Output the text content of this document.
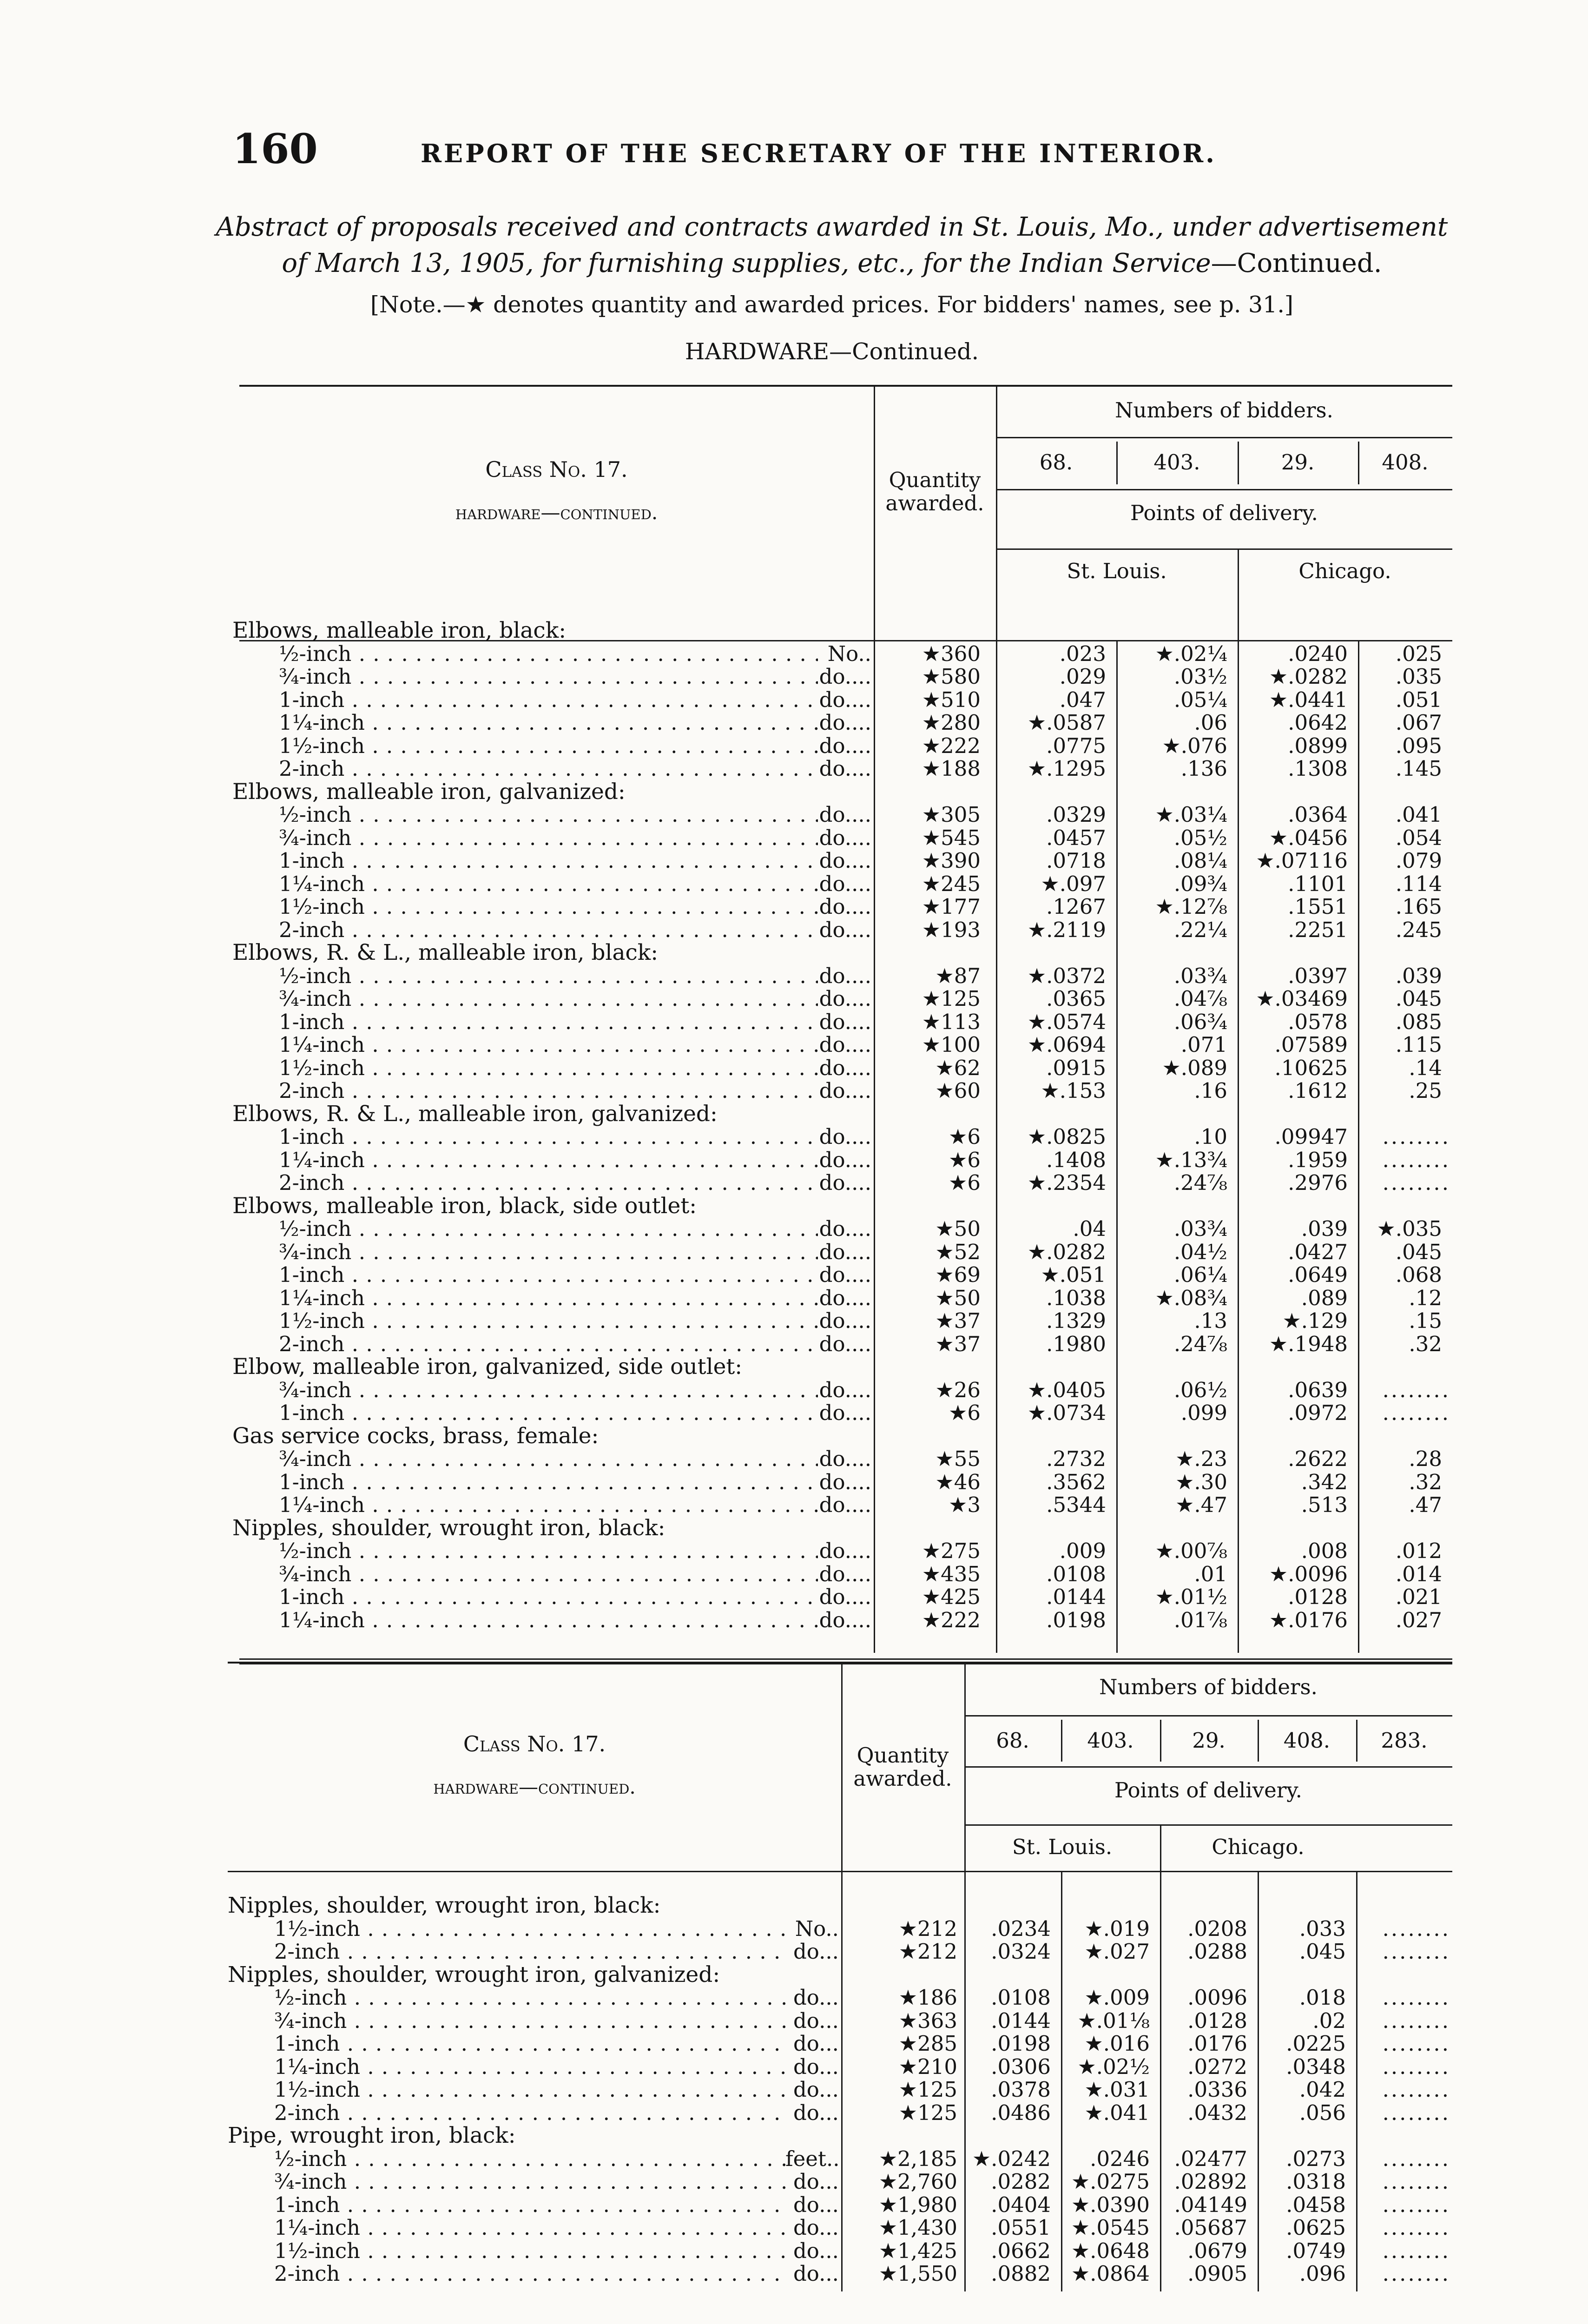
160	REPORT OF THE SECRETARY OF THE INTERIOR.
Abstract of proposals received and contracts awarded in St. Louis, Mo., under advertisement
of March 13, 1905, for furnishing supplies, etc., for the Indian Service—Continued.
[Note.—★ denotes quantity and awarded prices. For bidders' names, see p. 31.]
HARDWARE—Continued.
Class No. 17.
hardware—continued.
Quantity
awarded.
Numbers of bidders.
68.	403.	29.	408.
Points of delivery.
St. Louis.	Chicago.
Elbows, malleable iron, black:
½-inch . . .	No..	★360	.023	★.02¼	.0240	.025
¾-inch . . .	do....	★580	.029	.03½	★.0282	.035
1-inch . . .	do....	★510	.047	.05¼	★.0441	.051
1¼-inch . . .	do....	★280	★.0587	.06	.0642	.067
1½-inch . . .	do....	★222	.0775	★.076	.0899	.095
2-inch . . .	do....	★188	★.1295	.136	.1308	.145
Elbows, malleable iron, galvanized:
½-inch . . .	do....	★305	.0329	★.03¼	.0364	.041
¾-inch . . .	do....	★545	.0457	.05½	★.0456	.054
1-inch . . .	do....	★390	.0718	.08¼	★.07116	.079
1¼-inch . . .	do....	★245	★.097	.09¾	.1101	.114
1½-inch . . .	do....	★177	.1267	★.12⅞	.1551	.165
2-inch . . .	do....	★193	★.2119	.22¼	.2251	.245
Elbows, R. & L., malleable iron, black:
½-inch . . .	do....	★87	★.0372	.03¾	.0397	.039
¾-inch . . .	do....	★125	.0365	.04⅞	★.03469	.045
1-inch . . .	do....	★113	★.0574	.06¾	.0578	.085
1¼-inch . . .	do....	★100	★.0694	.071	.07589	.115
1½-inch . . .	do....	★62	.0915	★.089	.10625	.14
2-inch . . .	do....	★60	★.153	.16	.1612	.25
Elbows, R. & L., malleable iron, galvanized:
1-inch . . .	do....	★6	★.0825	.10	.09947	........
1¼-inch . . .	do....	★6	.1408	★.13¾	.1959	........
2-inch . . .	do....	★6	★.2354	.24⅞	.2976	........
Elbows, malleable iron, black, side outlet:
½-inch . . .	do....	★50	.04	.03¾	.039	★.035
¾-inch . . .	do....	★52	★.0282	.04½	.0427	.045
1-inch . . .	do....	★69	★.051	.06¼	.0649	.068
1¼-inch . . .	do....	★50	.1038	★.08¾	.089	.12
1½-inch . . .	do....	★37	.1329	.13	★.129	.15
2-inch . . .	do....	★37	.1980	.24⅞	★.1948	.32
Elbow, malleable iron, galvanized, side outlet:
¾-inch . . .	do....	★26	★.0405	.06½	.0639	........
1-inch . . .	do....	★6	★.0734	.099	.0972	........
Gas service cocks, brass, female:
¾-inch . . .	do....	★55	.2732	★.23	.2622	.28
1-inch . . .	do....	★46	.3562	★.30	.342	.32
1¼-inch . . .	do....	★3	.5344	★.47	.513	.47
Nipples, shoulder, wrought iron, black:
½-inch . . .	do....	★275	.009	★.00⅞	.008	.012
¾-inch . . .	do....	★435	.0108	.01	★.0096	.014
1-inch . . .	do....	★425	.0144	★.01½	.0128	.021
1¼-inch . . .	do....	★222	.0198	.01⅞	★.0176	.027
Class No. 17.
hardware—continued.
Quantity
awarded.
Numbers of bidders.
68.	403.	29.	408.	283.
Points of delivery.
St. Louis.	Chicago.
Nipples, shoulder, wrought iron, black:
1½-inch . . .	No..	★212	.0234	★.019	.0208	.033	........
2-inch . . .	do...	★212	.0324	★.027	.0288	.045	........
Nipples, shoulder, wrought iron, galvanized:
½-inch . . .	do...	★186	.0108	★.009	.0096	.018	........
¾-inch . . .	do...	★363	.0144	★.01⅛	.0128	.02	........
1-inch . . .	do...	★285	.0198	★.016	.0176	.0225	........
1¼-inch . . .	do...	★210	.0306	★.02½	.0272	.0348	........
1½-inch . . .	do...	★125	.0378	★.031	.0336	.042	........
2-inch . . .	do...	★125	.0486	★.041	.0432	.056	........
Pipe, wrought iron, black:
½-inch . . .	feet..	★2,185 ★.0242	.0246	.02477	.0273	........
¾-inch . . .	do...	★2,760	.0282 ★.0275	.02892	.0318	........
1-inch . . .	do...	★1,980	.0404 ★.0390	.04149	.0458	........
1¼-inch . . .	do...	★1,430	.0551 ★.0545	.05687	.0625	........
1½-inch . . .	do...	★1,425	.0662 ★.0648	.0679	.0749	........
2-inch . . .	do...	★1,550	.0882 ★.0864	.0905	.096	........
